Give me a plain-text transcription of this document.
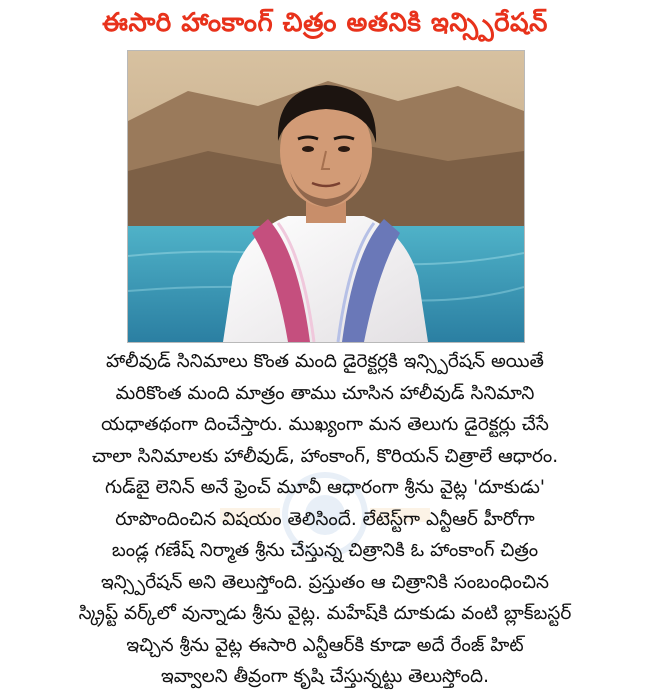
ఈసారి హాంకాంగ్ చిత్రం అతనికి ఇన్స్పిరేషన్
హాలీవుడ్ సినిమాలు కొంత మంది డైరెక్టర్లకి ఇన్స్పిరేషన్ అయితే
మరికొంత మంది మాత్రం తాము చూసిన హాలీవుడ్ సినిమాని
యధాతథంగా దించేస్తారు. ముఖ్యంగా మన తెలుగు డైరెక్టర్లు చేసే
చాలా సినిమాలకు హాలీవుడ్, హాంకాంగ్, కొరియన్ చిత్రాలే ఆధారం.
గుడ్‌బై లెనిన్ అనే ఫ్రెంచ్ మూవీ ఆధారంగా శ్రీను వైట్ల 'దూకుడు'
రూపొందించిన విషయం తెలిసిందే. లేటెస్ట్‌గా ఎన్టీఆర్ హీరోగా
బండ్ల గణేష్ నిర్మాత శ్రీను చేస్తున్న చిత్రానికి ఓ హాంకాంగ్ చిత్రం
ఇన్స్పిరేషన్ అని తెలుస్తోంది. ప్రస్తుతం ఆ చిత్రానికి సంబంధించిన
స్క్రిప్ట్ వర్క్‌లో వున్నాడు శ్రీను వైట్ల. మహేష్‌కి దూకుడు వంటి బ్లాక్‌బస్టర్
ఇచ్చిన శ్రీను వైట్ల ఈసారి ఎన్టీఆర్‌కి కూడా అదే రేంజ్ హిట్
ఇవ్వాలని తీవ్రంగా కృషి చేస్తున్నట్టు తెలుస్తోంది.
